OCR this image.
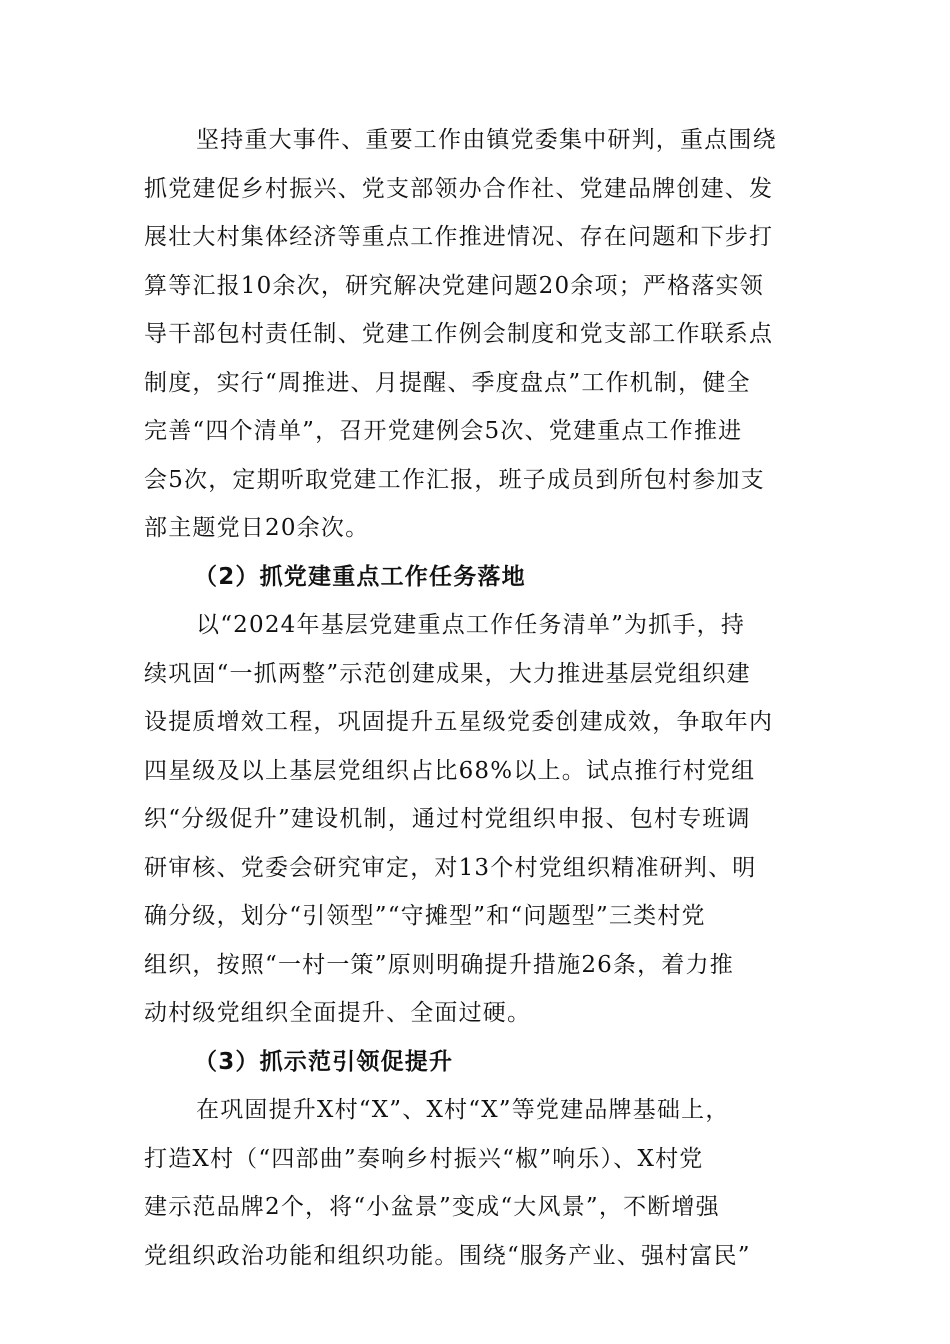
坚持重大事件、重要工作由镇党委集中研判，重点围绕
抓党建促乡村振兴、党支部领办合作社、党建品牌创建、发
展壮大村集体经济等重点工作推进情况、存在问题和下步打
算等汇报10余次，研究解决党建问题20余项；严格落实领
导干部包村责任制、党建工作例会制度和党支部工作联系点
制度，实行“周推进、月提醒、季度盘点”工作机制，健全
完善“四个清单”，召开党建例会5次、党建重点工作推进
会5次，定期听取党建工作汇报，班子成员到所包村参加支
部主题党日20余次。
（2）抓党建重点工作任务落地
以“2024年基层党建重点工作任务清单”为抓手，持
续巩固“一抓两整”示范创建成果，大力推进基层党组织建
设提质增效工程，巩固提升五星级党委创建成效，争取年内
四星级及以上基层党组织占比68%以上。试点推行村党组
织“分级促升”建设机制，通过村党组织申报、包村专班调
研审核、党委会研究审定，对13个村党组织精准研判、明
确分级，划分“引领型”“守摊型”和“问题型”三类村党
组织，按照“一村一策”原则明确提升措施26条，着力推
动村级党组织全面提升、全面过硬。
（3）抓示范引领促提升
在巩固提升X村“X”、X村“X”等党建品牌基础上，
打造X村（“四部曲”奏响乡村振兴“椒”响乐）、X村党
建示范品牌2个，将“小盆景”变成“大风景”，不断增强
党组织政治功能和组织功能。围绕“服务产业、强村富民”
